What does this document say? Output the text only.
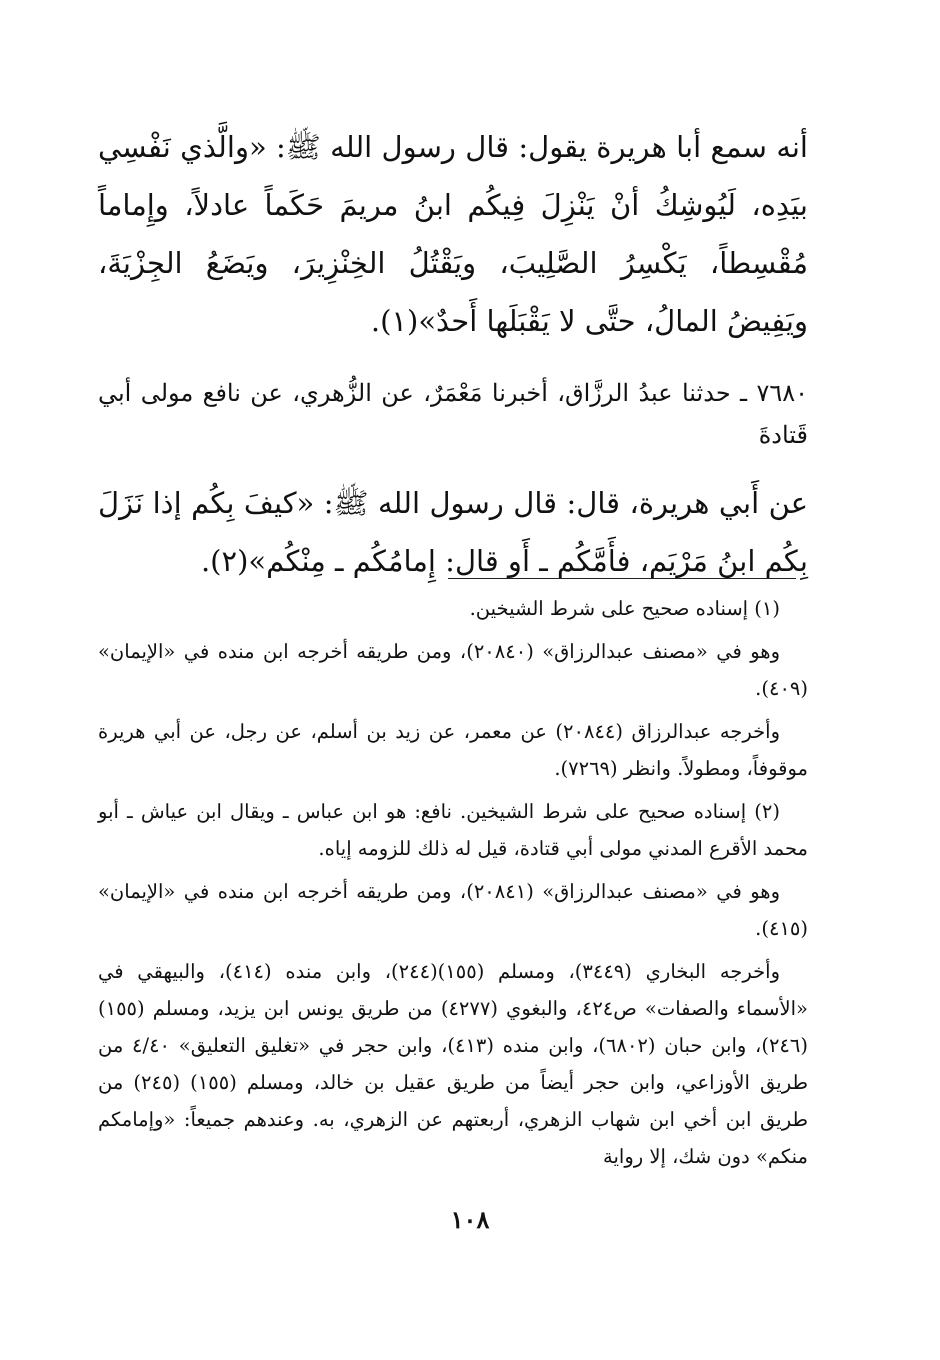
أنه سمع أبا هريرة يقول: قال رسول الله ﷺ: «والَّذي نَفْسِي بيَدِه، لَيُوشِكُ أنْ يَنْزِلَ فِيكُم ابنُ مريمَ حَكَماً عادلاً، وإِماماً مُقْسِطاً، يَكْسِرُ الصَّلِيبَ، ويَقْتُلُ الخِنْزِيرَ، ويَضَعُ الجِزْيَةَ، ويَفِيضُ المالُ، حتَّى لا يَقْبَلَها أَحدٌ»(١).

٧٦٨٠ ـ حدثنا عبدُ الرزَّاق، أخبرنا مَعْمَرٌ، عن الزُّهري، عن نافع مولى أبي قَتادةَ

عن أَبي هريرة، قال: قال رسول الله ﷺ: «كيفَ بِكُم إذا نَزَلَ بِكُم ابنُ مَرْيَم، فأَمَّكُم ـ أَو قال: إِمامُكُم ـ مِنْكُم»(٢).

(١) إسناده صحيح على شرط الشيخين.

وهو في «مصنف عبدالرزاق» (٢٠٨٤٠)، ومن طريقه أخرجه ابن منده في «الإيمان» (٤٠٩).

وأخرجه عبدالرزاق (٢٠٨٤٤) عن معمر، عن زيد بن أسلم، عن رجل، عن أبي هريرة موقوفاً، ومطولاً. وانظر (٧٢٦٩).

(٢) إسناده صحيح على شرط الشيخين. نافع: هو ابن عباس ـ ويقال ابن عياش ـ أبو محمد الأقرع المدني مولى أبي قتادة، قيل له ذلك للزومه إياه.

وهو في «مصنف عبدالرزاق» (٢٠٨٤١)، ومن طريقه أخرجه ابن منده في «الإيمان» (٤١٥).

وأخرجه البخاري (٣٤٤٩)، ومسلم (١٥٥)(٢٤٤)، وابن منده (٤١٤)، والبيهقي في «الأسماء والصفات» ص٤٢٤، والبغوي (٤٢٧٧) من طريق يونس ابن يزيد، ومسلم (١٥٥) (٢٤٦)، وابن حبان (٦٨٠٢)، وابن منده (٤١٣)، وابن حجر في «تغليق التعليق» ٤/٤٠ من طريق الأوزاعي، وابن حجر أيضاً من طريق عقيل بن خالد، ومسلم (١٥٥) (٢٤٥) من طريق ابن أخي ابن شهاب الزهري، أربعتهم عن الزهري، به. وعندهم جميعاً: «وإمامكم منكم» دون شك، إلا رواية

١٠٨
